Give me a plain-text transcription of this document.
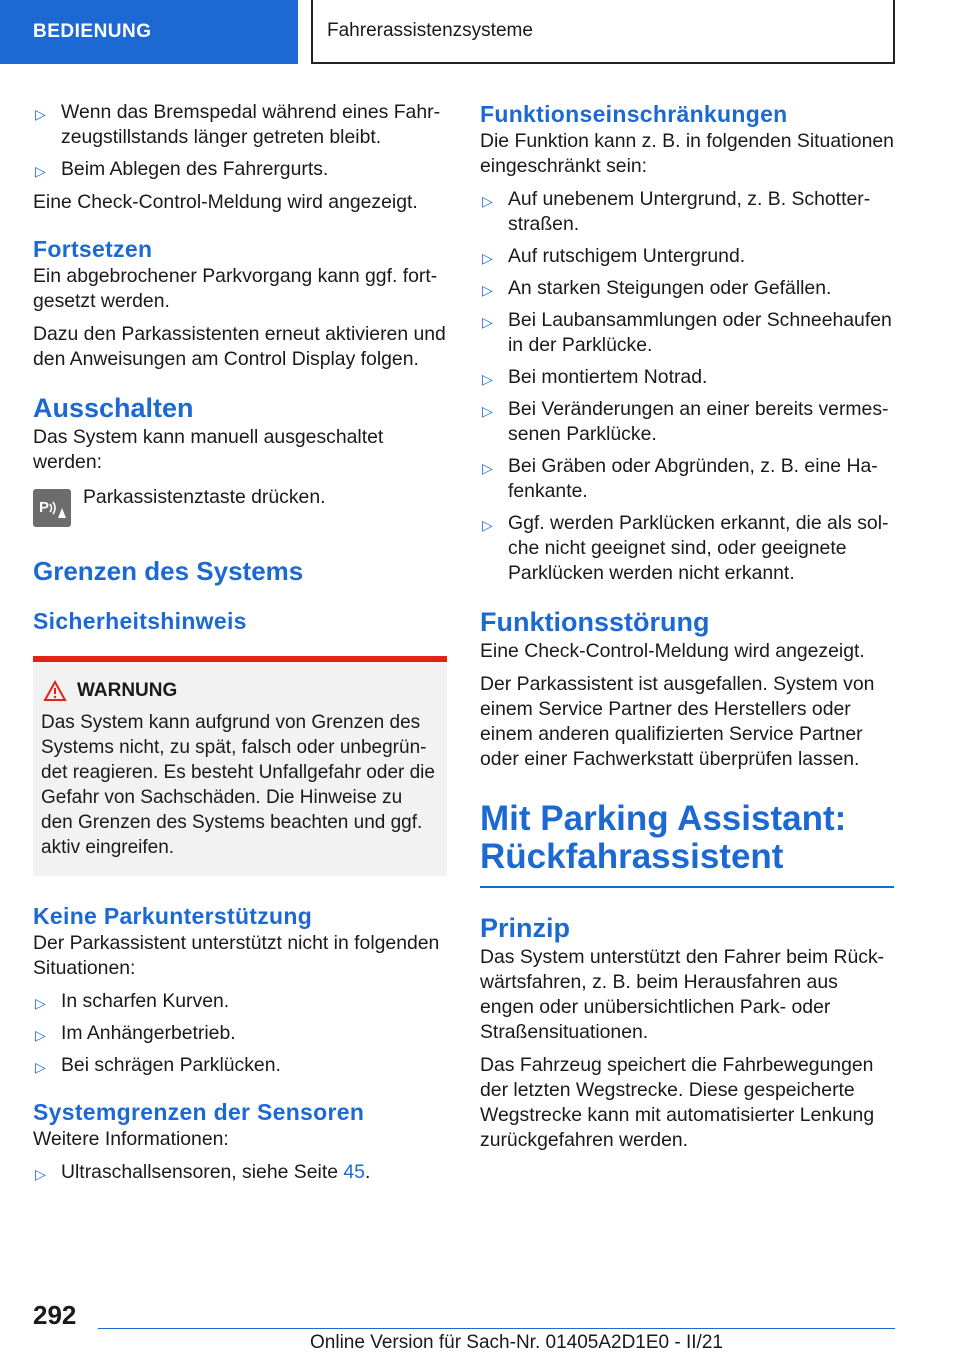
BEDIENUNG	Fahrerassistenzsysteme
▷ Wenn das Bremspedal während eines Fahrzeugstillstands länger getreten bleibt.
▷ Beim Ablegen des Fahrergurts.

Eine Check-Control-Meldung wird angezeigt.

Fortsetzen

Ein abgebrochener Parkvorgang kann ggf. fortgesetzt werden.

Dazu den Parkassistenten erneut aktivieren und den Anweisungen am Control Display folgen.

Ausschalten

Das System kann manuell ausgeschaltet werden:

P Parkassistenztaste drücken.

Grenzen des Systems
Sicherheitshinweis
WARNUNG

Das System kann aufgrund von Grenzen des Systems nicht, zu spät, falsch oder unbegründet reagieren. Es besteht Unfallgefahr oder die Gefahr von Sachschäden. Die Hinweise zu den Grenzen des Systems beachten und ggf. aktiv eingreifen.

Keine Parkunterstützung

Der Parkassistent unterstützt nicht in folgenden Situationen:

▷ In scharfen Kurven.
▷ Im Anhängerbetrieb.
▷ Bei schrägen Parklücken.
Systemgrenzen der Sensoren

Weitere Informationen:

▷ Ultraschallsensoren, siehe Seite 45.
Funktionseinschränkungen

Die Funktion kann z. B. in folgenden Situationen eingeschränkt sein:

▷ Auf unebenem Untergrund, z. B. Schotterstraßen.
▷ Auf rutschigem Untergrund.
▷ An starken Steigungen oder Gefällen.
▷ Bei Laubansammlungen oder Schneehaufen in der Parklücke.
▷ Bei montiertem Notrad.
▷ Bei Veränderungen an einer bereits vermessenen Parklücke.
▷ Bei Gräben oder Abgründen, z. B. eine Hafenkante.
▷ Ggf. werden Parklücken erkannt, die als solche nicht geeignet sind, oder geeignete Parklücken werden nicht erkannt.
Funktionsstörung

Eine Check-Control-Meldung wird angezeigt.

Der Parkassistent ist ausgefallen. System von einem Service Partner des Herstellers oder einem anderen qualifizierten Service Partner oder einer Fachwerkstatt überprüfen lassen.

Mit Parking Assistant:
Rückfahrassistent
Prinzip

Das System unterstützt den Fahrer beim Rückwärtsfahren, z. B. beim Herausfahren aus engen oder unübersichtlichen Park- oder Straßensituationen.

Das Fahrzeug speichert die Fahrbewegungen der letzten Wegstrecke. Diese gespeicherte Wegstrecke kann mit automatisierter Lenkung zurückgefahren werden.

292
Online Version für Sach-Nr. 01405A2D1E0 - II/21
